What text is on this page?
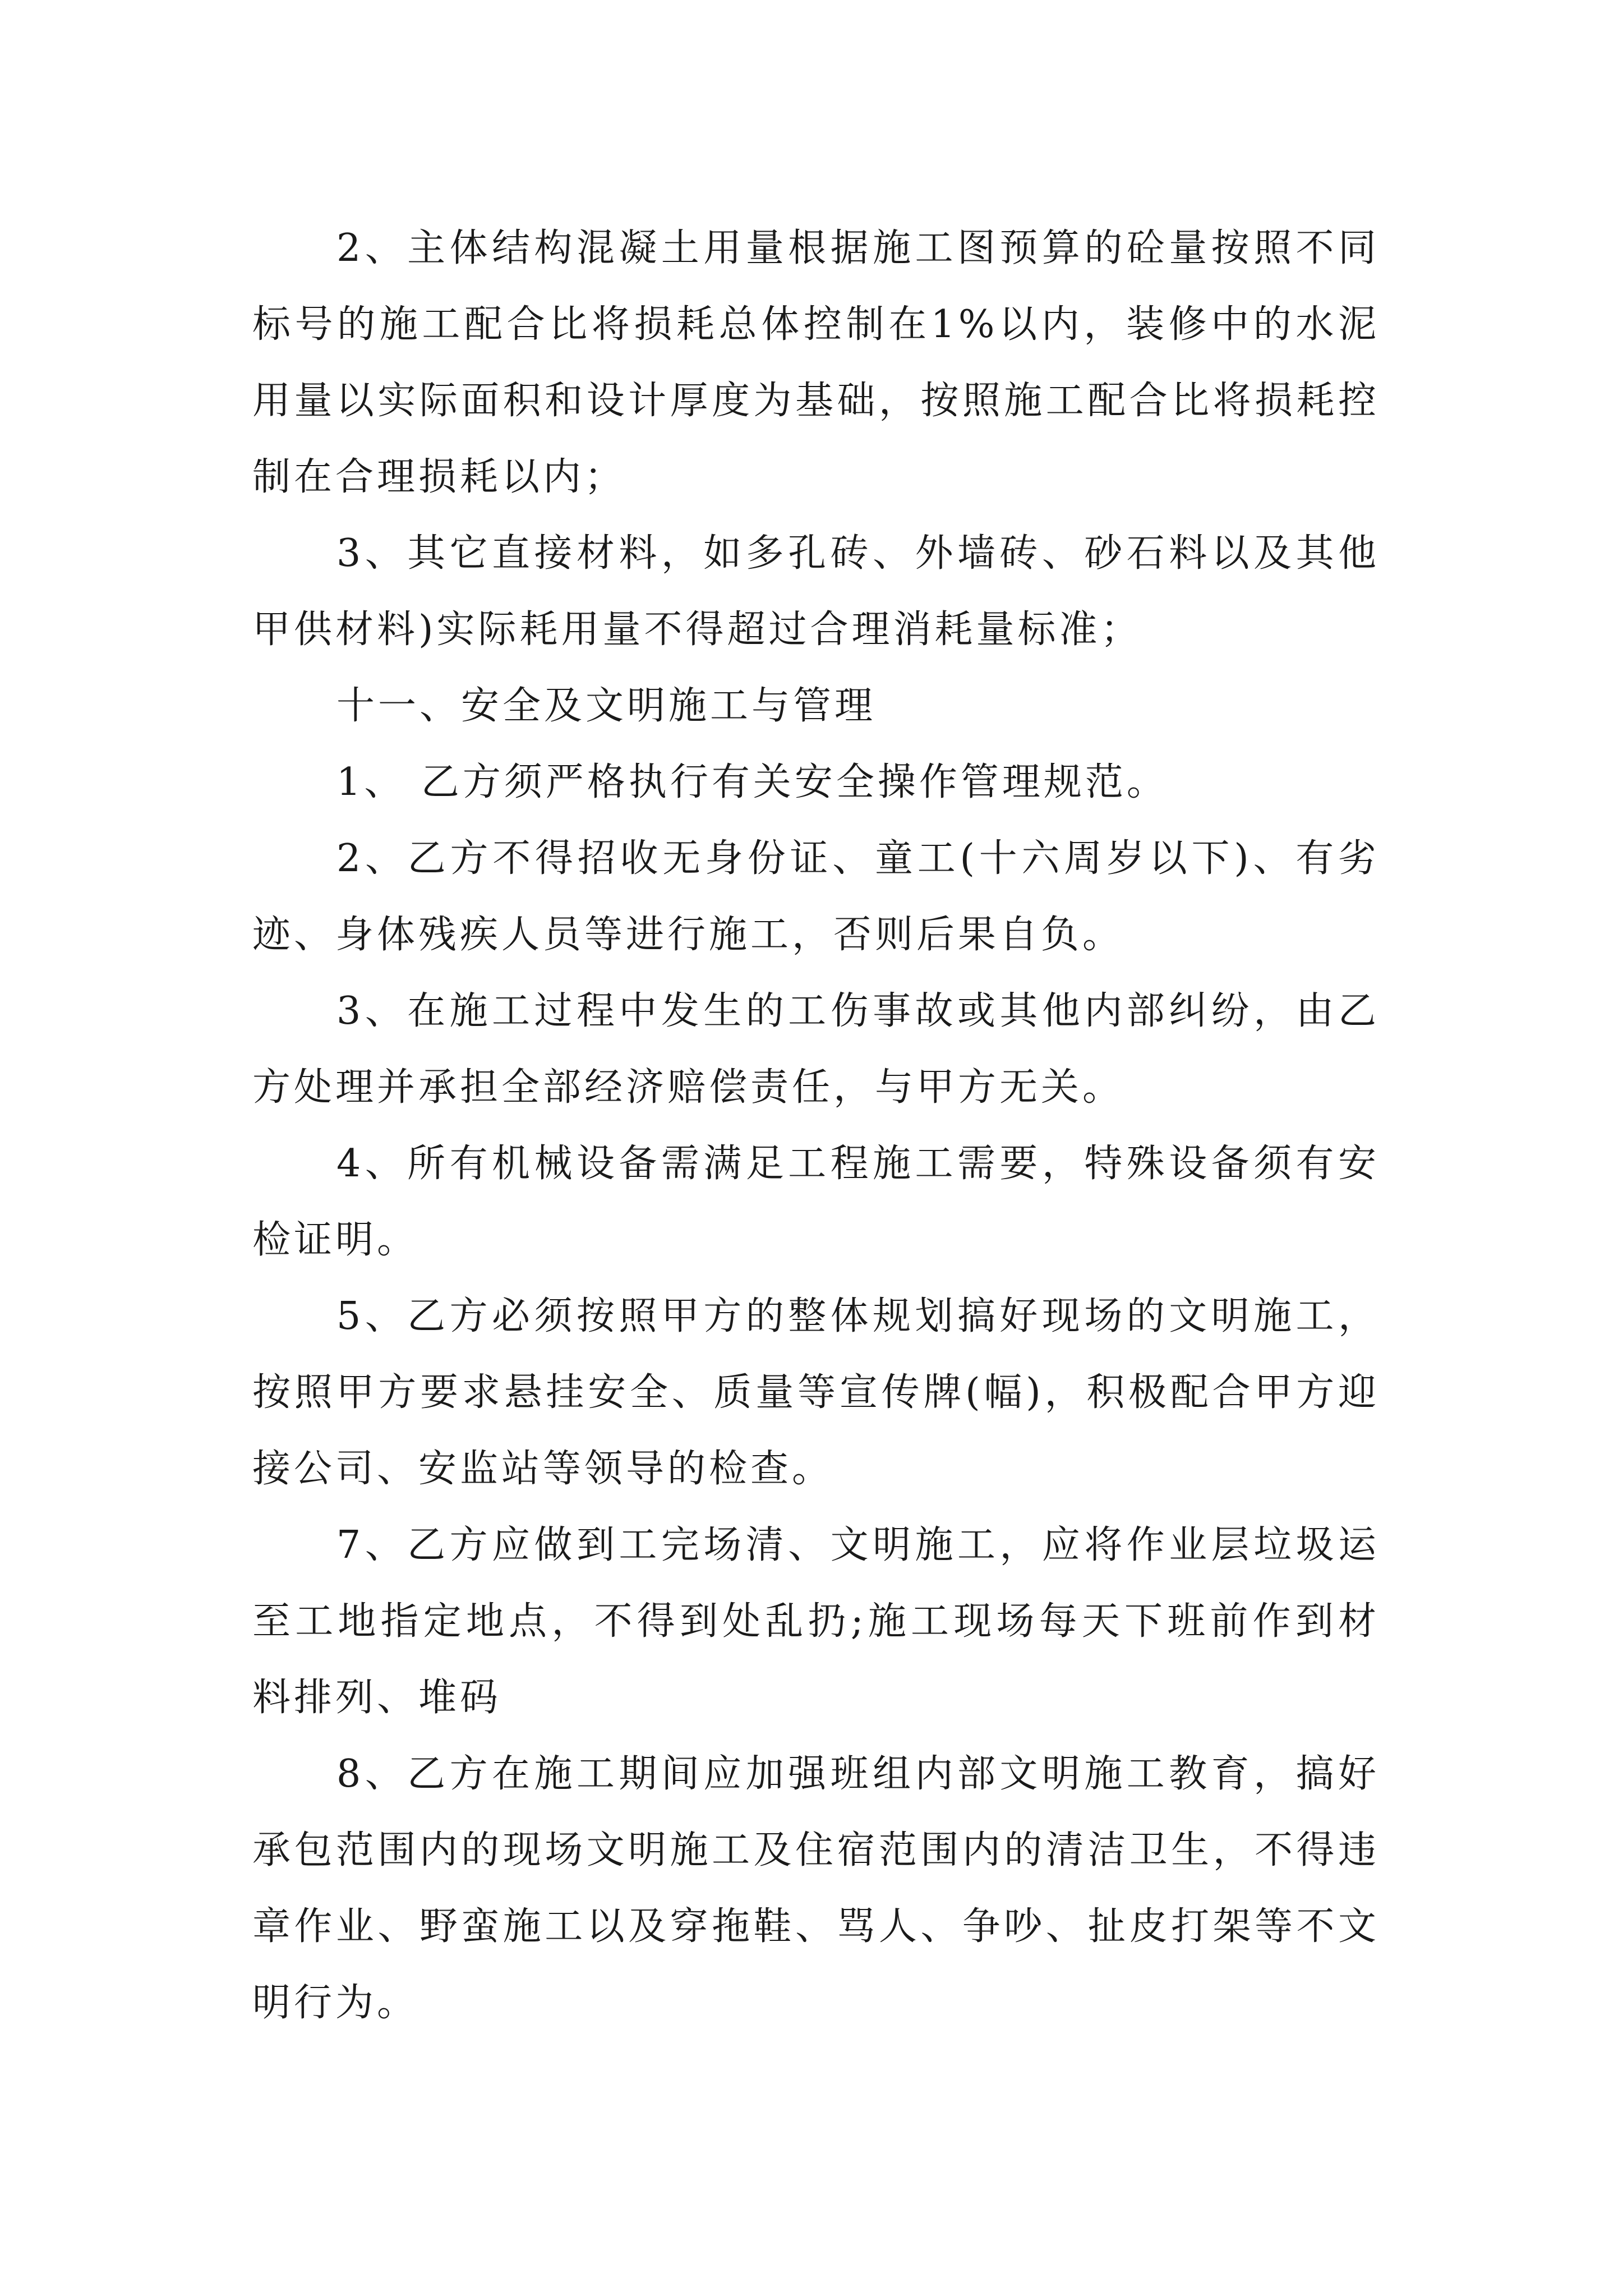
2、主体结构混凝土用量根据施工图预算的砼量按照不同标号的施工配合比将损耗总体控制在1%以内，装修中的水泥用量以实际面积和设计厚度为基础，按照施工配合比将损耗控制在合理损耗以内；

3、其它直接材料，如多孔砖、外墙砖、砂石料以及其他甲供材料)实际耗用量不得超过合理消耗量标准；

十一、安全及文明施工与管理

1、 乙方须严格执行有关安全操作管理规范。

2、乙方不得招收无身份证、童工(十六周岁以下)、有劣迹、身体残疾人员等进行施工，否则后果自负。

3、在施工过程中发生的工伤事故或其他内部纠纷，由乙方处理并承担全部经济赔偿责任，与甲方无关。

4、所有机械设备需满足工程施工需要，特殊设备须有安检证明。

5、乙方必须按照甲方的整体规划搞好现场的文明施工，按照甲方要求悬挂安全、质量等宣传牌(幅)，积极配合甲方迎接公司、安监站等领导的检查。

7、乙方应做到工完场清、文明施工，应将作业层垃圾运至工地指定地点，不得到处乱扔;施工现场每天下班前作到材料排列、堆码

8、乙方在施工期间应加强班组内部文明施工教育，搞好承包范围内的现场文明施工及住宿范围内的清洁卫生，不得违章作业、野蛮施工以及穿拖鞋、骂人、争吵、扯皮打架等不文明行为。
